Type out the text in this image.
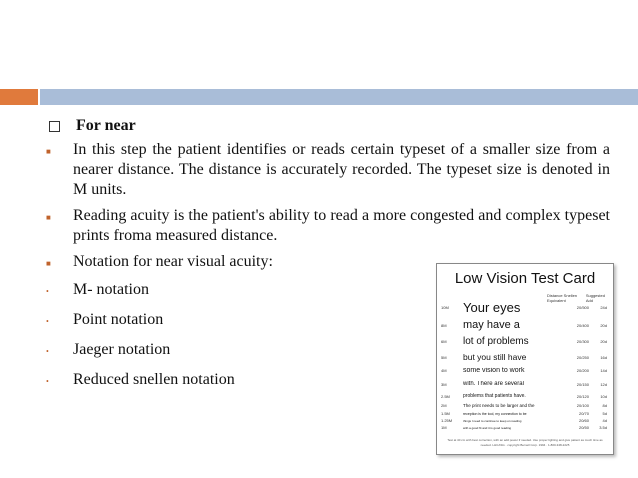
For near
■	In this step the patient identifies or reads certain typeset of a smaller size from a nearer distance. The distance is accurately recorded. The typeset size is denoted in M units.
■	Reading acuity is the patient's ability to read a more congested and complex typeset prints froma measured distance.
■	Notation for near visual acuity:
•	M- notation
•	Point notation
•	Jaeger notation
•	Reduced snellen notation
Low Vision Test Card
Distance Snellen Equivalent
Suggested Add
10M	Your eyes	20/500	24d
8M	may have a	20/400	20d
6M	lot of problems	20/300	20d
5M	but you still have	20/250	16d
4M	some vision to work	20/200	14d
3M	with. There are several	20/150	12d
2.5M	problems that patients have.	20/120	10d
2M	The print needs to be larger and the	20/100	8d
1.5M	reception is the tool, my connection to be	20/70	5d
1.25M	things I need to continue to keep on reading	20/60	4d
1M	with a good fit and it is good reading	20/50	3.5d
Test at 40 cm with best correction, with an add power if needed. Use proper lighting and give patient as much time as needed. LHCASG · copyright Bernell Corp. 1994 · 1-800-348-2225
